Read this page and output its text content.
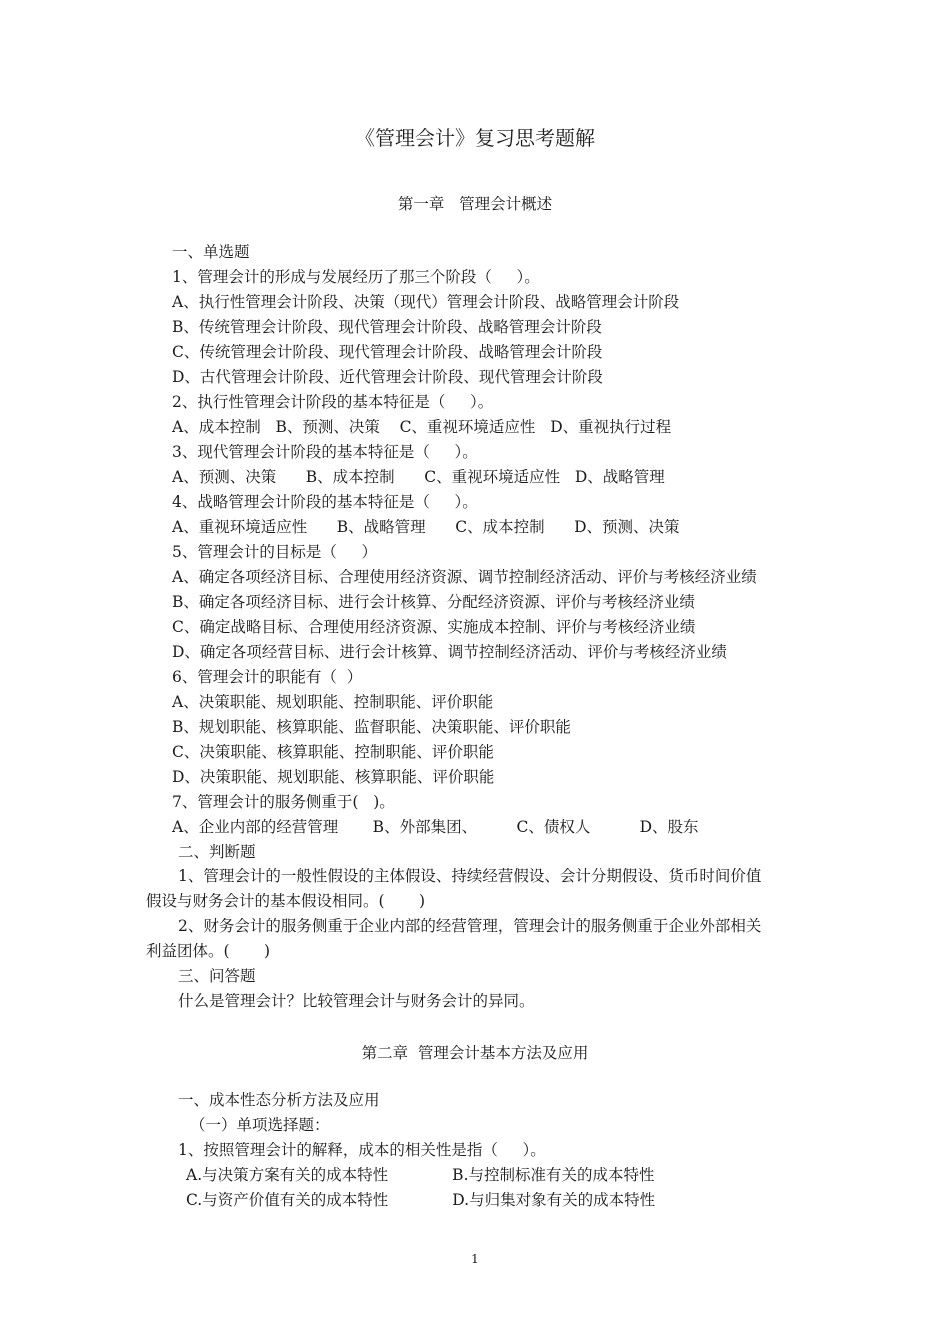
《管理会计》复习思考题解
第一章   管理会计概述
一、单选题
1、管理会计的形成与发展经历了那三个阶段（     ）。
A、执行性管理会计阶段、决策（现代）管理会计阶段、战略管理会计阶段
B、传统管理会计阶段、现代管理会计阶段、战略管理会计阶段
C、传统管理会计阶段、现代管理会计阶段、战略管理会计阶段
D、古代管理会计阶段、近代管理会计阶段、现代管理会计阶段
2、执行性管理会计阶段的基本特征是（     ）。
A、成本控制   B、预测、决策    C、重视环境适应性   D、重视执行过程
3、现代管理会计阶段的基本特征是（     ）。
A、预测、决策      B、成本控制      C、重视环境适应性   D、战略管理
4、战略管理会计阶段的基本特征是（     ）。
A、重视环境适应性      B、战略管理      C、成本控制      D、预测、决策
5、管理会计的目标是（     ）
A、确定各项经济目标、合理使用经济资源、调节控制经济活动、评价与考核经济业绩
B、确定各项经济目标、进行会计核算、分配经济资源、评价与考核经济业绩
C、确定战略目标、合理使用经济资源、实施成本控制、评价与考核经济业绩
D、确定各项经营目标、进行会计核算、调节控制经济活动、评价与考核经济业绩
6、管理会计的职能有（  ）
A、决策职能、规划职能、控制职能、评价职能
B、规划职能、核算职能、监督职能、决策职能、评价职能
C、决策职能、核算职能、控制职能、评价职能
D、决策职能、规划职能、核算职能、评价职能
7、管理会计的服务侧重于(   )。
A、企业内部的经营管理       B、外部集团、        C、债权人          D、股东
二、判断题
1、管理会计的一般性假设的主体假设、持续经营假设、会计分期假设、货币时间价值
假设与财务会计的基本假设相同。(       )
2、财务会计的服务侧重于企业内部的经营管理，管理会计的服务侧重于企业外部相关
利益团体。(       )
三、问答题
什么是管理会计？比较管理会计与财务会计的异同。
第二章  管理会计基本方法及应用
一、成本性态分析方法及应用
（一）单项选择题：
1、按照管理会计的解释，成本的相关性是指（     ）。
A.与决策方案有关的成本特性             B.与控制标准有关的成本特性
C.与资产价值有关的成本特性             D.与归集对象有关的成本特性
1
